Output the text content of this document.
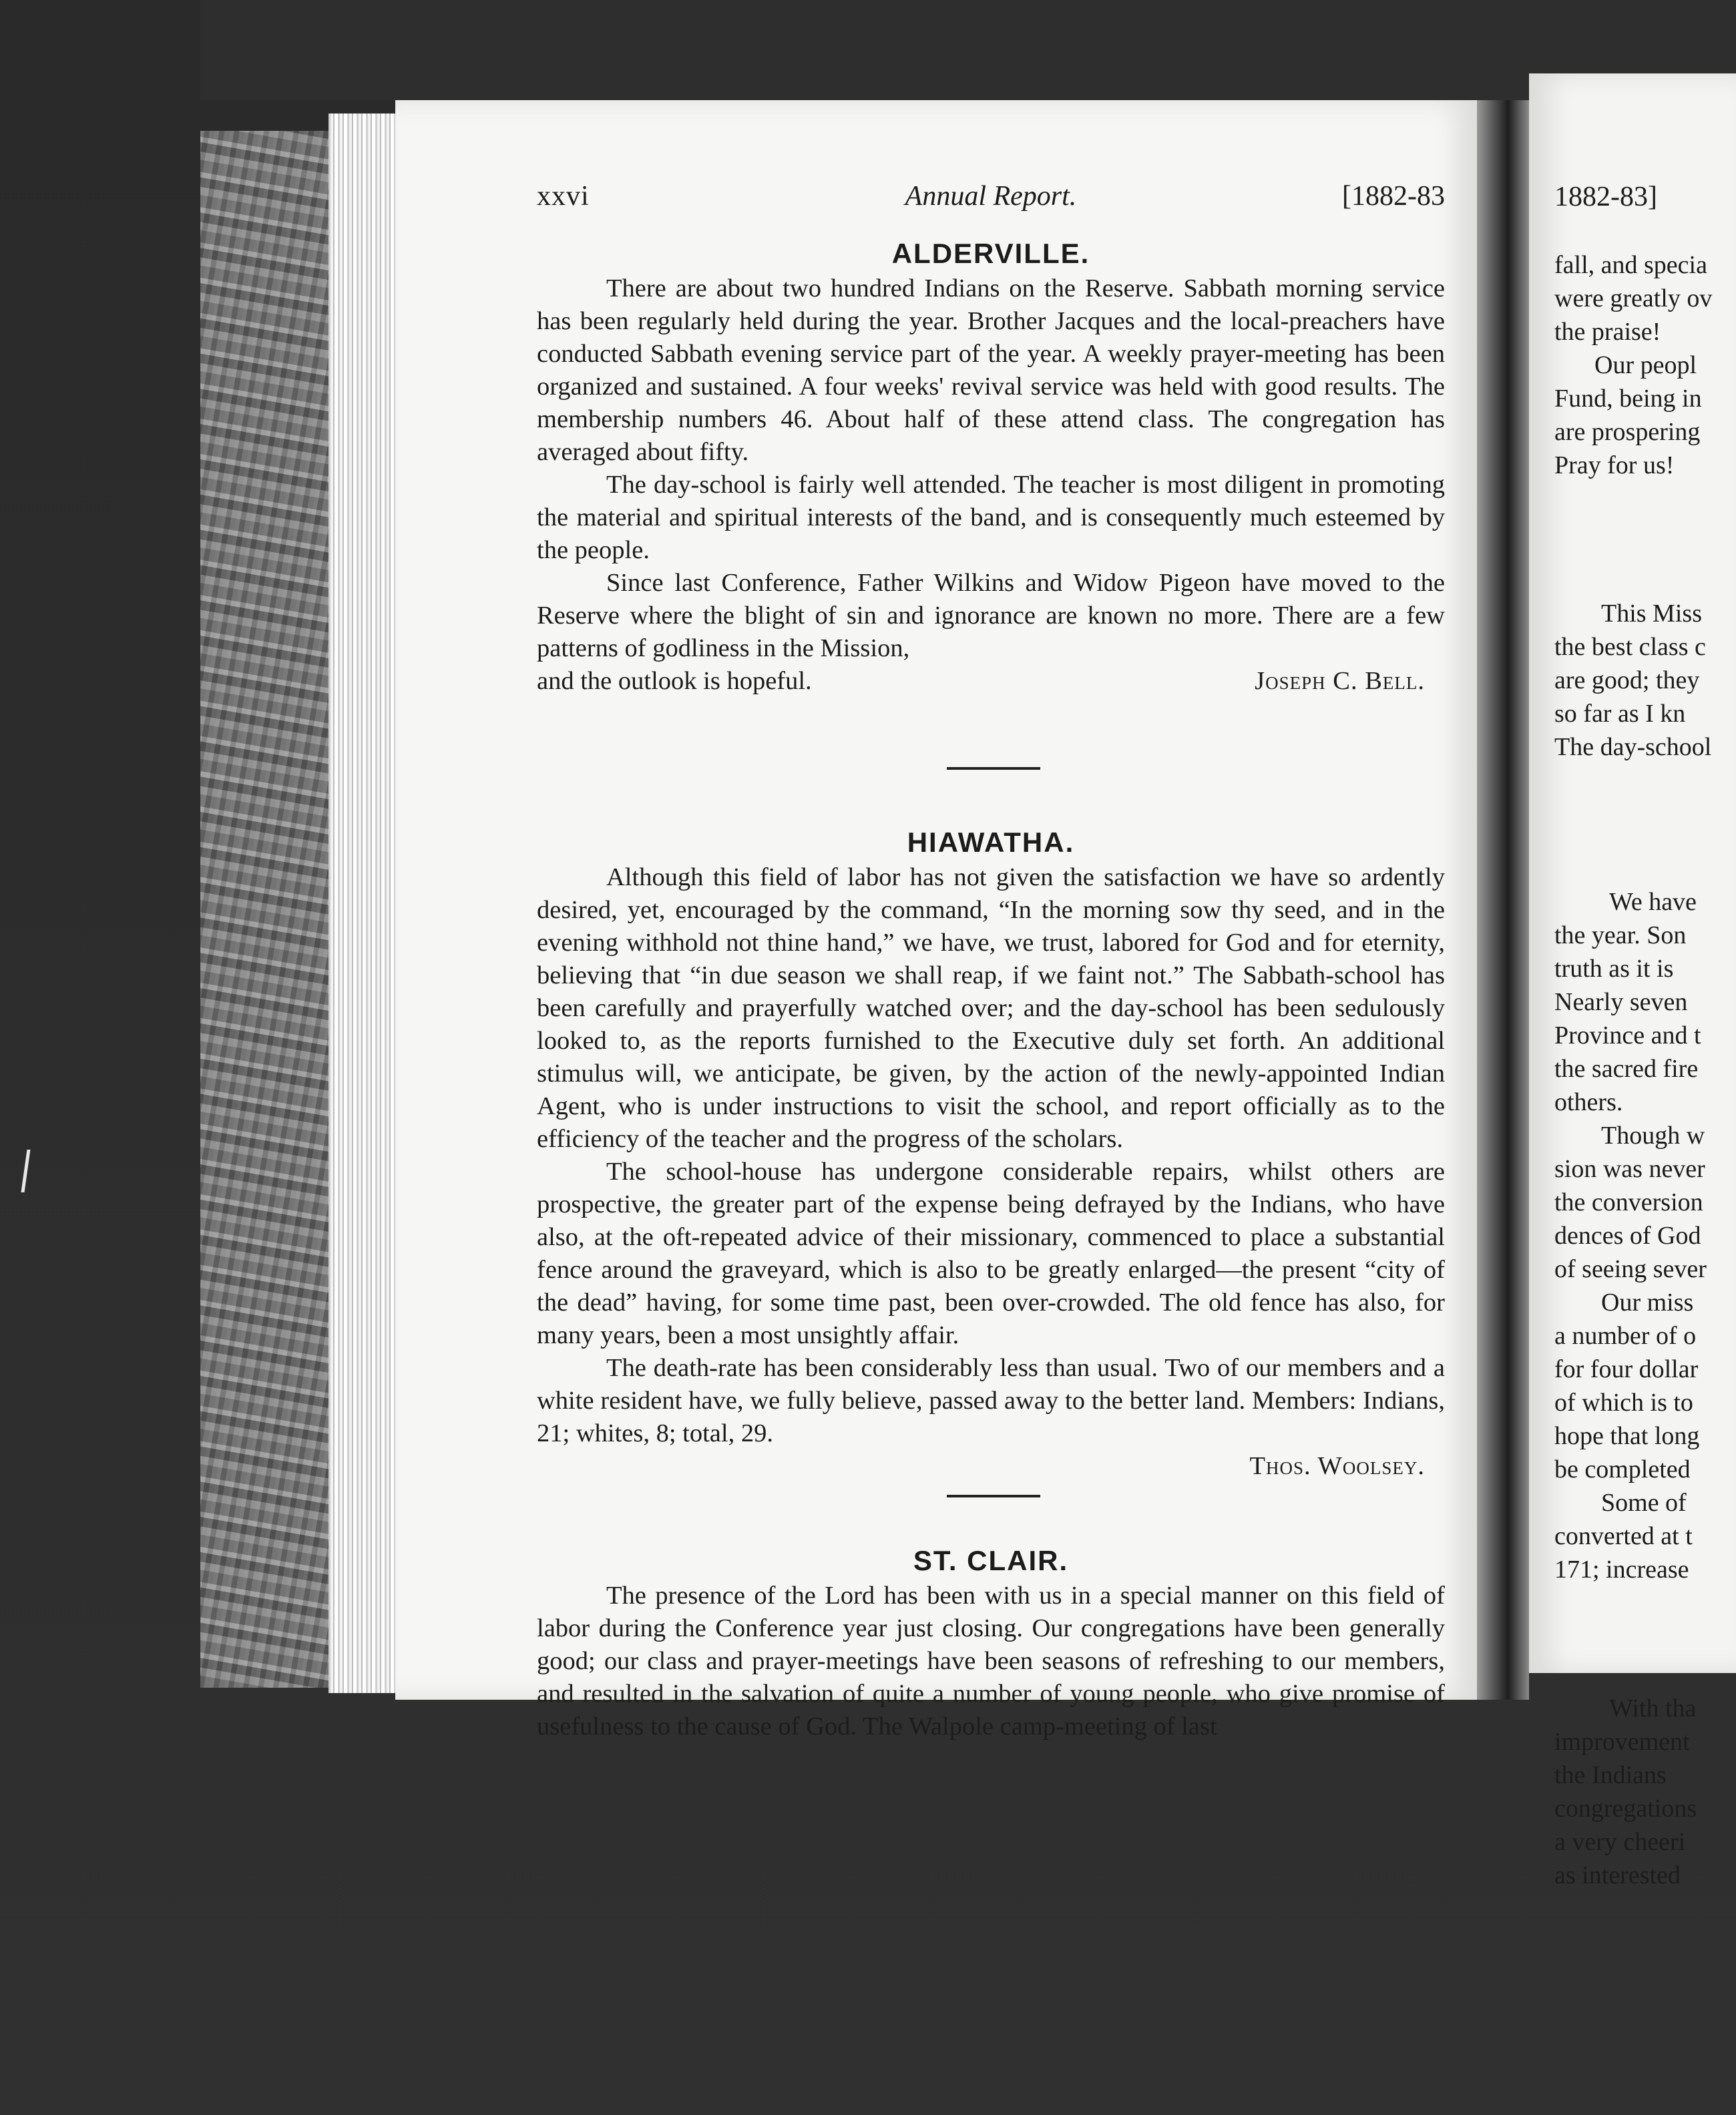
xxvi	Annual Report.	[1882-83
ALDERVILLE.

There are about two hundred Indians on the Reserve. Sabbath morning service has been regularly held during the year. Brother Jacques and the local-preachers have conducted Sabbath evening service part of the year. A weekly prayer-meeting has been organized and sustained. A four weeks' revival service was held with good results. The membership numbers 46. About half of these attend class. The congregation has averaged about fifty.

The day-school is fairly well attended. The teacher is most diligent in promoting the material and spiritual interests of the band, and is consequently much esteemed by the people.

Since last Conference, Father Wilkins and Widow Pigeon have moved to the Reserve where the blight of sin and ignorance are known no more. There are a few patterns of godliness in the Mission,

and the outlook is hopeful.	Joseph C. Bell.
HIAWATHA.

Although this field of labor has not given the satisfaction we have so ardently desired, yet, encouraged by the command, “In the morning sow thy seed, and in the evening withhold not thine hand,” we have, we trust, labored for God and for eternity, believing that “in due season we shall reap, if we faint not.” The Sabbath-school has been carefully and prayerfully watched over; and the day-school has been sedulously looked to, as the reports furnished to the Executive duly set forth. An additional stimulus will, we anticipate, be given, by the action of the newly-appointed Indian Agent, who is under instructions to visit the school, and report officially as to the efficiency of the teacher and the progress of the scholars.

The school-house has undergone considerable repairs, whilst others are prospective, the greater part of the expense being defrayed by the Indians, who have also, at the oft-repeated advice of their missionary, commenced to place a substantial fence around the graveyard, which is also to be greatly enlarged—the present “city of the dead” having, for some time past, been over-crowded. The old fence has also, for many years, been a most unsightly affair.

The death-rate has been considerably less than usual. Two of our members and a white resident have, we fully believe, passed away to the better land. Members: Indians, 21; whites, 8; total, 29.

Thos. Woolsey.

ST. CLAIR.

The presence of the Lord has been with us in a special manner on this field of labor during the Conference year just closing. Our congregations have been generally good; our class and prayer-meetings have been seasons of refreshing to our members, and resulted in the salvation of quite a number of young people, who give promise of usefulness to the cause of God. The Walpole camp-meeting of last

1882-83]
fall, and specia
were greatly ov
the praise!
Our peopl
Fund, being in
are prospering
Pray for us!
This Miss
the best class c
are good; they
so far as I kn
The day-school
We have
the year. Son
truth as it is
Nearly seven
Province and t
the sacred fire
others.
Though w
sion was never
the conversion
dences of God
of seeing sever
Our miss
a number of o
for four dollar
of which is to
hope that long
be completed
Some of
converted at t
171; increase
With tha
improvement
the Indians
congregations
a very cheeri
as interested
